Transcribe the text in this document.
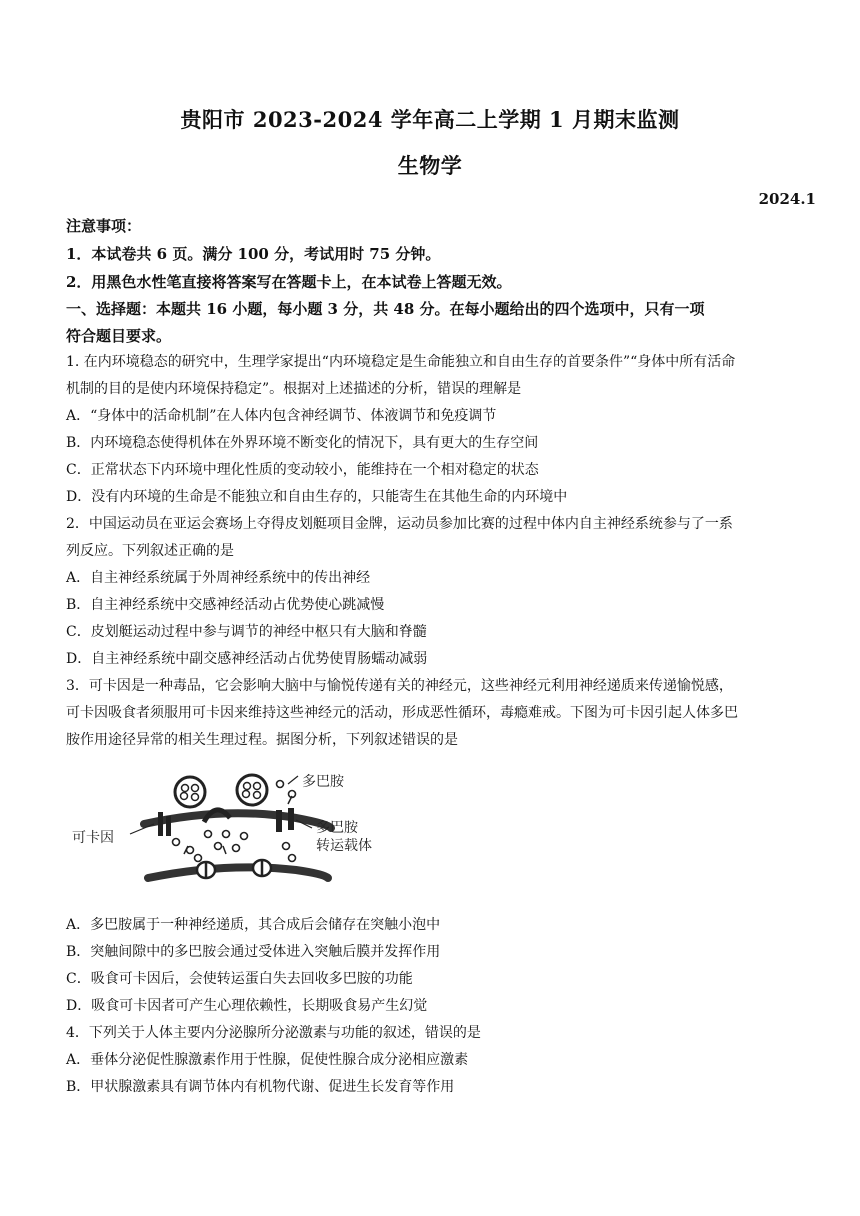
贵阳市 2023-2024 学年高二上学期 1 月期末监测
生物学
2024.1
注意事项：
1．本试卷共 6 页。满分 100 分，考试用时 75 分钟。
2．用黑色水性笔直接将答案写在答题卡上，在本试卷上答题无效。
一、选择题：本题共 16 小题，每小题 3 分，共 48 分。在每小题给出的四个选项中，只有一项
符合题目要求。
1. 在内环境稳态的研究中，生理学家提出“内环境稳定是生命能独立和自由生存的首要条件”“身体中所有活命
机制的目的是使内环境保持稳定”。根据对上述描述的分析，错误的理解是
A．“身体中的活命机制”在人体内包含神经调节、体液调节和免疫调节
B．内环境稳态使得机体在外界环境不断变化的情况下，具有更大的生存空间
C．正常状态下内环境中理化性质的变动较小，能维持在一个相对稳定的状态
D．没有内环境的生命是不能独立和自由生存的，只能寄生在其他生命的内环境中
2．中国运动员在亚运会赛场上夺得皮划艇项目金牌，运动员参加比赛的过程中体内自主神经系统参与了一系
列反应。下列叙述正确的是
A．自主神经系统属于外周神经系统中的传出神经
B．自主神经系统中交感神经活动占优势使心跳减慢
C．皮划艇运动过程中参与调节的神经中枢只有大脑和脊髓
D．自主神经系统中副交感神经活动占优势使胃肠蠕动减弱
3．可卡因是一种毒品，它会影响大脑中与愉悦传递有关的神经元，这些神经元利用神经递质来传递愉悦感，
可卡因吸食者须服用可卡因来维持这些神经元的活动，形成恶性循环，毒瘾难戒。下图为可卡因引起人体多巴
胺作用途径异常的相关生理过程。据图分析，下列叙述错误的是
多巴胺
可卡因
多巴胺
转运载体
A．多巴胺属于一种神经递质，其合成后会储存在突触小泡中
B．突触间隙中的多巴胺会通过受体进入突触后膜并发挥作用
C．吸食可卡因后，会使转运蛋白失去回收多巴胺的功能
D．吸食可卡因者可产生心理依赖性，长期吸食易产生幻觉
4．下列关于人体主要内分泌腺所分泌激素与功能的叙述，错误的是
A．垂体分泌促性腺激素作用于性腺，促使性腺合成分泌相应激素
B．甲状腺激素具有调节体内有机物代谢、促进生长发育等作用
